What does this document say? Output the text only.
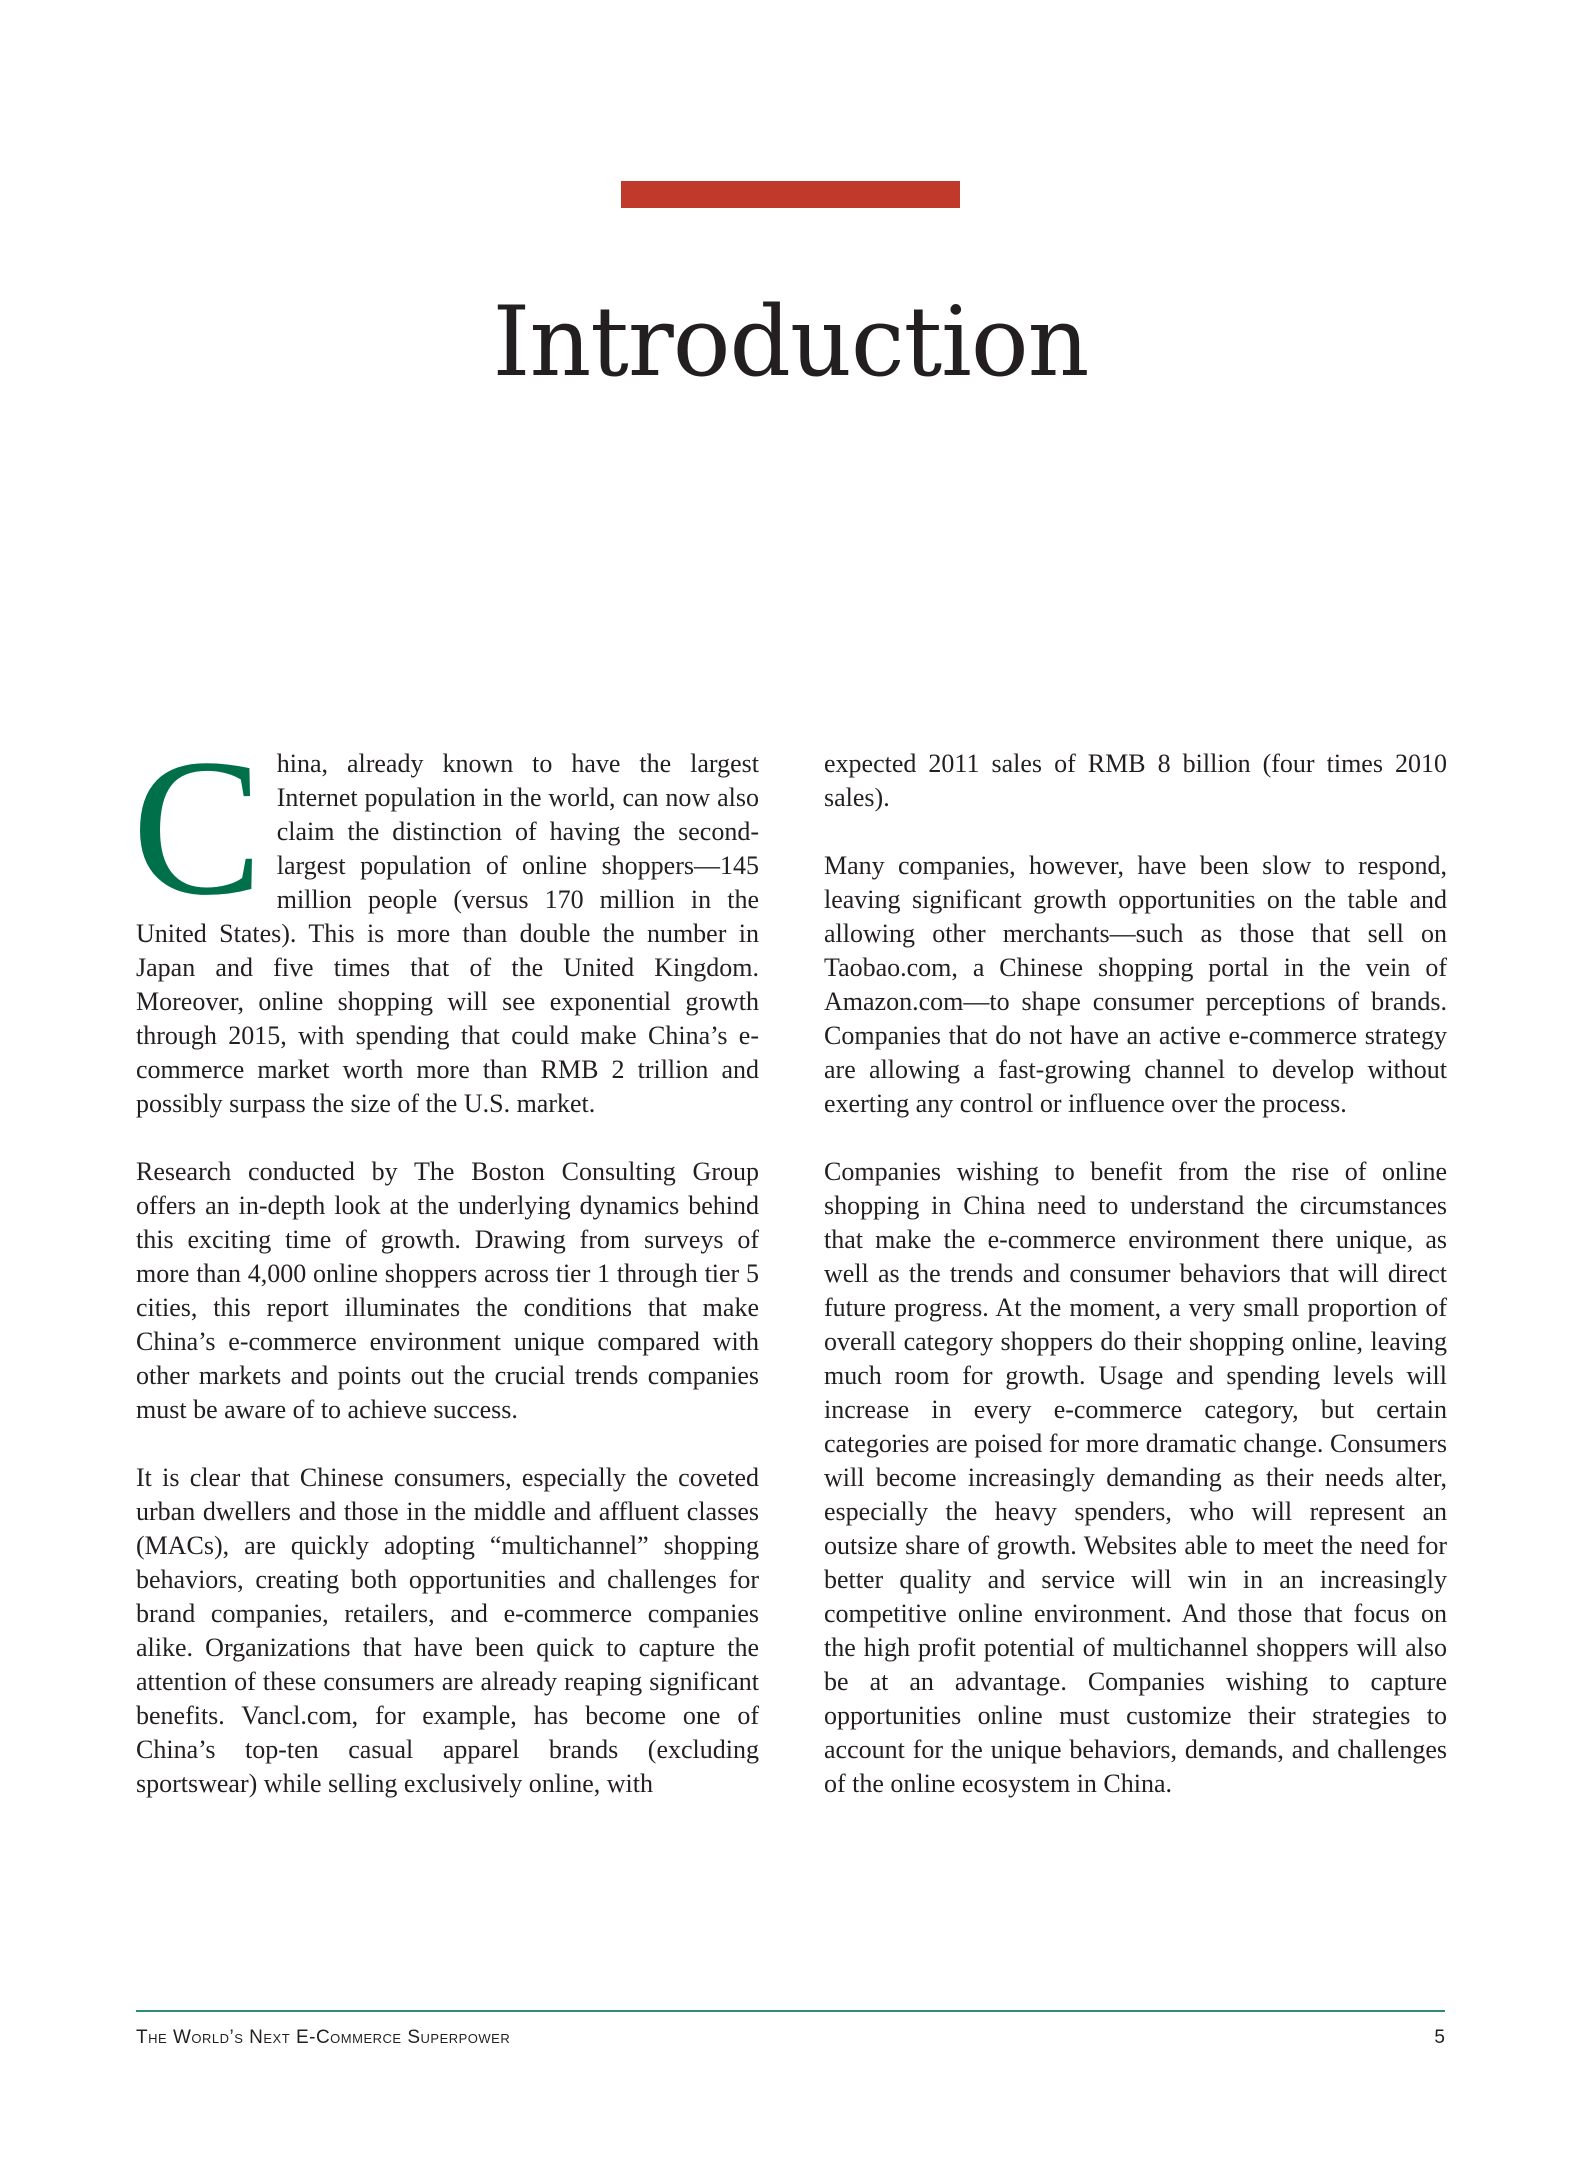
Introduction

China, already known to have the largest Internet population in the world, can now also claim the distinction of having the second-largest population of online shoppers—145 million people (versus 170 million in the United States). This is more than double the number in Japan and five times that of the United Kingdom. Moreover, online shopping will see exponential growth through 2015, with spending that could make China’s e-commerce market worth more than RMB 2 trillion and possibly surpass the size of the U.S. market.

Research conducted by The Boston Consulting Group offers an in-depth look at the underlying dynamics behind this exciting time of growth. Drawing from surveys of more than 4,000 online shoppers across tier 1 through tier 5 cities, this report illuminates the conditions that make China’s e-commerce environment unique compared with other markets and points out the crucial trends companies must be aware of to achieve success.

It is clear that Chinese consumers, especially the coveted urban dwellers and those in the middle and affluent classes (MACs), are quickly adopting “multichannel” shopping behaviors, creating both opportunities and challenges for brand companies, retailers, and e-commerce companies alike. Organizations that have been quick to capture the attention of these consumers are already reaping significant benefits. Vancl.com, for example, has become one of China’s top-ten casual apparel brands (excluding sportswear) while selling exclusively online, with

expected 2011 sales of RMB 8 billion (four times 2010 sales).

Many companies, however, have been slow to respond, leaving significant growth opportunities on the table and allowing other merchants—such as those that sell on Taobao.com, a Chinese shopping portal in the vein of Amazon.com—to shape consumer perceptions of brands. Companies that do not have an active e-commerce strategy are allowing a fast-growing channel to develop without exerting any control or influence over the process.

Companies wishing to benefit from the rise of online shopping in China need to understand the circumstances that make the e-commerce environment there unique, as well as the trends and consumer behaviors that will direct future progress. At the moment, a very small proportion of overall category shoppers do their shopping online, leaving much room for growth. Usage and spending levels will increase in every e-commerce category, but certain categories are poised for more dramatic change. Consumers will become increasingly demanding as their needs alter, especially the heavy spenders, who will represent an outsize share of growth. Websites able to meet the need for better quality and service will win in an increasingly competitive online environment. And those that focus on the high profit potential of multichannel shoppers will also be at an advantage. Companies wishing to capture opportunities online must customize their strategies to account for the unique behaviors, demands, and challenges of the online ecosystem in China.

The World’s Next E-Commerce Superpower	5
